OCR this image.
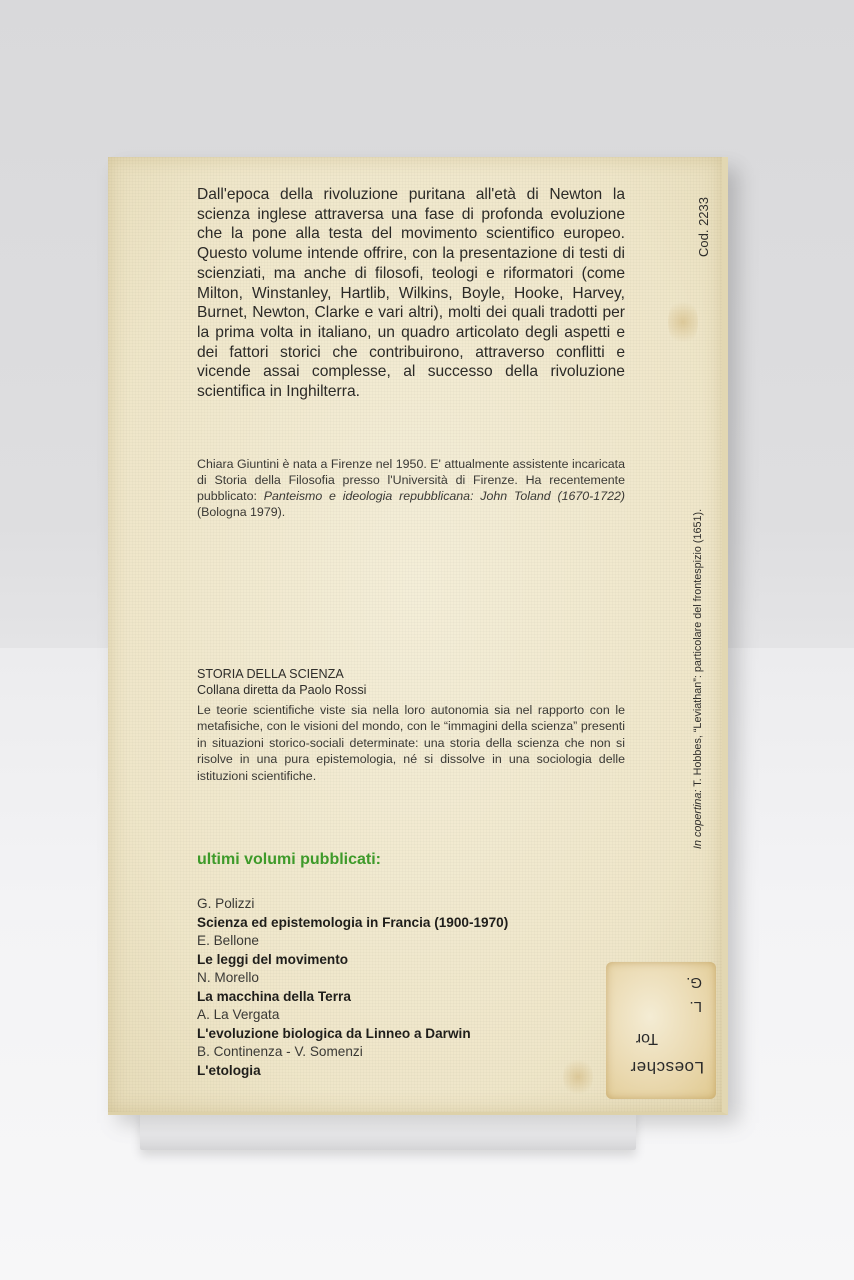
Dall'epoca della rivoluzione puritana all'età di Newton la scienza inglese attraversa una fase di profonda evoluzione che la pone alla testa del movimento scientifico europeo. Questo volume intende offrire, con la presentazione di testi di scienziati, ma anche di filosofi, teologi e riformatori (come Milton, Winstanley, Hartlib, Wilkins, Boyle, Hooke, Harvey, Burnet, Newton, Clarke e vari altri), molti dei quali tradotti per la prima volta in italiano, un quadro articolato degli aspetti e dei fattori storici che contribuirono, attraverso conflitti e vicende assai complesse, al successo della rivoluzione scientifica in Inghilterra.

Chiara Giuntini è nata a Firenze nel 1950. E' attualmente assistente incaricata di Storia della Filosofia presso l'Università di Firenze. Ha recentemente pubblicato: Panteismo e ideologia repubblicana: John Toland (1670-1722) (Bologna 1979).

STORIA DELLA SCIENZA

Collana diretta da Paolo Rossi

Le teorie scientifiche viste sia nella loro autonomia sia nel rapporto con le metafisiche, con le visioni del mondo, con le “immagini della scienza” presenti in situazioni storico-sociali determinate: una storia della scienza che non si risolve in una pura epistemologia, né si dissolve in una sociologia delle istituzioni scientifiche.

ultimi volumi pubblicati:

G. Polizzi
Scienza ed epistemologia in Francia (1900-1970)
E. Bellone
Le leggi del movimento
N. Morello
La macchina della Terra
A. La Vergata
L'evoluzione biologica da Linneo a Darwin
B. Continenza - V. Somenzi
L'etologia
Cod. 2233
In copertina: T. Hobbes, “Leviathan”: particolare del frontespizio (1651).
Loescher
Tor
L.
G.
